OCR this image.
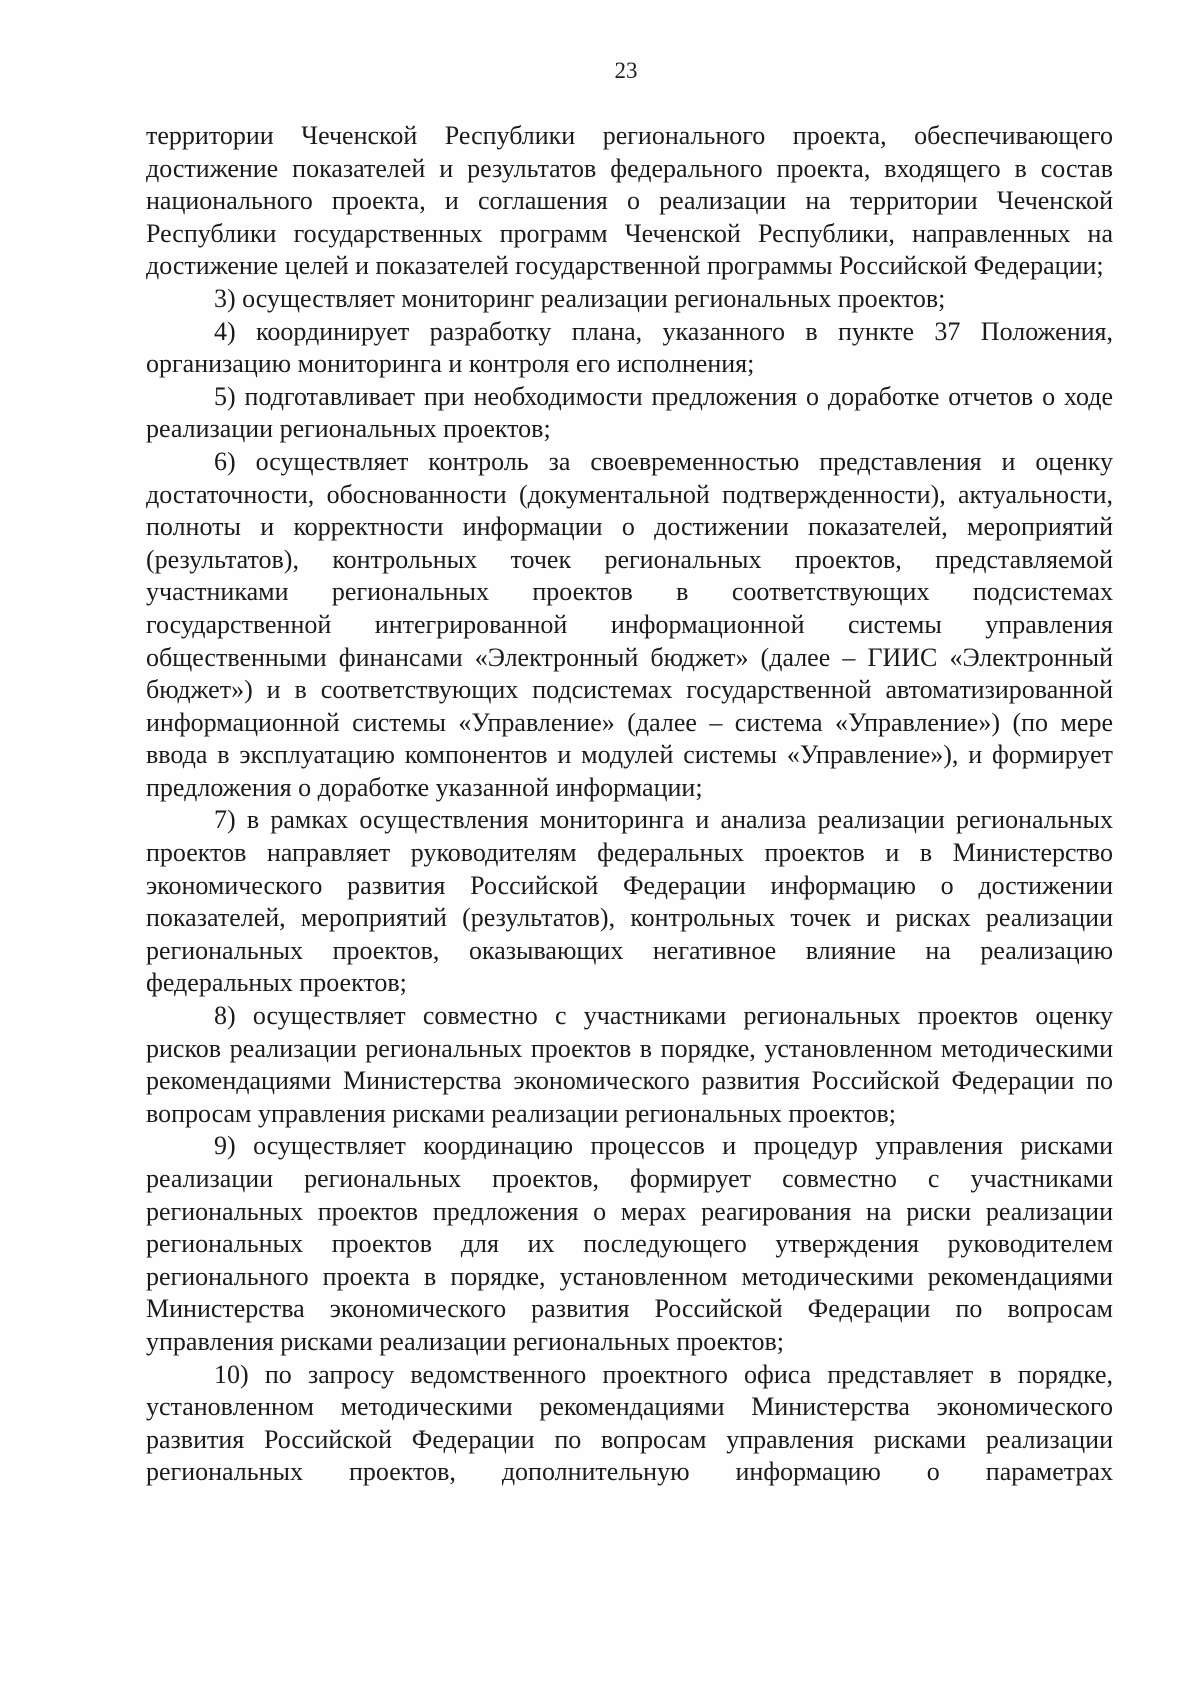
23

территории Чеченской Республики регионального проекта, обеспечивающего достижение показателей и результатов федерального проекта, входящего в состав национального проекта, и соглашения о реализации на территории Чеченской Республики государственных программ Чеченской Республики, направленных на достижение целей и показателей государственной программы Российской Федерации;

3) осуществляет мониторинг реализации региональных проектов;

4) координирует разработку плана, указанного в пункте 37 Положения, организацию мониторинга и контроля его исполнения;

5) подготавливает при необходимости предложения о доработке отчетов о ходе реализации региональных проектов;

6) осуществляет контроль за своевременностью представления и оценку достаточности, обоснованности (документальной подтвержденности), актуальности, полноты и корректности информации о достижении показателей, мероприятий (результатов), контрольных точек региональных проектов, представляемой участниками региональных проектов в соответствующих подсистемах государственной интегрированной информационной системы управления общественными финансами «Электронный бюджет» (далее – ГИИС «Электронный бюджет») и в соответствующих подсистемах государственной автоматизированной информационной системы «Управление» (далее – система «Управление») (по мере ввода в эксплуатацию компонентов и модулей системы «Управление»), и формирует предложения о доработке указанной информации;

7) в рамках осуществления мониторинга и анализа реализации региональных проектов направляет руководителям федеральных проектов и в Министерство экономического развития Российской Федерации информацию о достижении показателей, мероприятий (результатов), контрольных точек и рисках реализации региональных проектов, оказывающих негативное влияние на реализацию федеральных проектов;

8) осуществляет совместно с участниками региональных проектов оценку рисков реализации региональных проектов в порядке, установленном методическими рекомендациями Министерства экономического развития Российской Федерации по вопросам управления рисками реализации региональных проектов;

9) осуществляет координацию процессов и процедур управления рисками реализации региональных проектов, формирует совместно с участниками региональных проектов предложения о мерах реагирования на риски реализации региональных проектов для их последующего утверждения руководителем регионального проекта в порядке, установленном методическими рекомендациями Министерства экономического развития Российской Федерации по вопросам управления рисками реализации региональных проектов;

10) по запросу ведомственного проектного офиса представляет в порядке, установленном методическими рекомендациями Министерства экономического развития Российской Федерации по вопросам управления рисками реализации региональных проектов, дополнительную информацию о параметрах
